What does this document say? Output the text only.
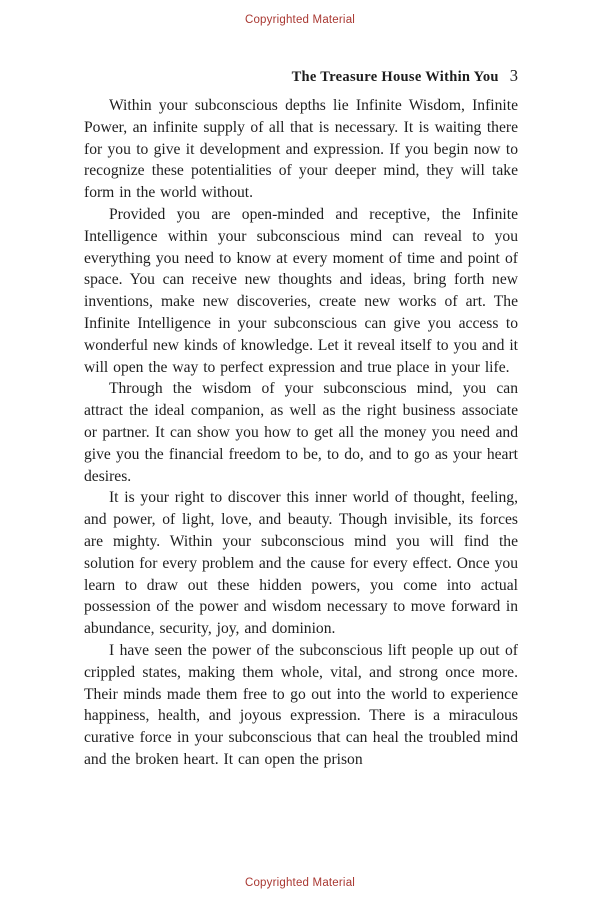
Copyrighted Material
The Treasure House Within You 3

Within your subconscious depths lie Infinite Wisdom, Infinite Power, an infinite supply of all that is necessary. It is waiting there for you to give it development and expression. If you begin now to recognize these potentialities of your deeper mind, they will take form in the world without.

Provided you are open-minded and receptive, the Infinite Intelligence within your subconscious mind can reveal to you everything you need to know at every moment of time and point of space. You can receive new thoughts and ideas, bring forth new inventions, make new discoveries, create new works of art. The Infinite Intelligence in your subconscious can give you access to wonderful new kinds of knowledge. Let it reveal itself to you and it will open the way to perfect expression and true place in your life.

Through the wisdom of your subconscious mind, you can attract the ideal companion, as well as the right business associate or partner. It can show you how to get all the money you need and give you the financial freedom to be, to do, and to go as your heart desires.

It is your right to discover this inner world of thought, feeling, and power, of light, love, and beauty. Though invisible, its forces are mighty. Within your subconscious mind you will find the solution for every problem and the cause for every effect. Once you learn to draw out these hidden powers, you come into actual possession of the power and wisdom necessary to move forward in abundance, security, joy, and dominion.

I have seen the power of the subconscious lift people up out of crippled states, making them whole, vital, and strong once more. Their minds made them free to go out into the world to experience happiness, health, and joyous expression. There is a miraculous curative force in your subconscious that can heal the troubled mind and the broken heart. It can open the prison

Copyrighted Material
